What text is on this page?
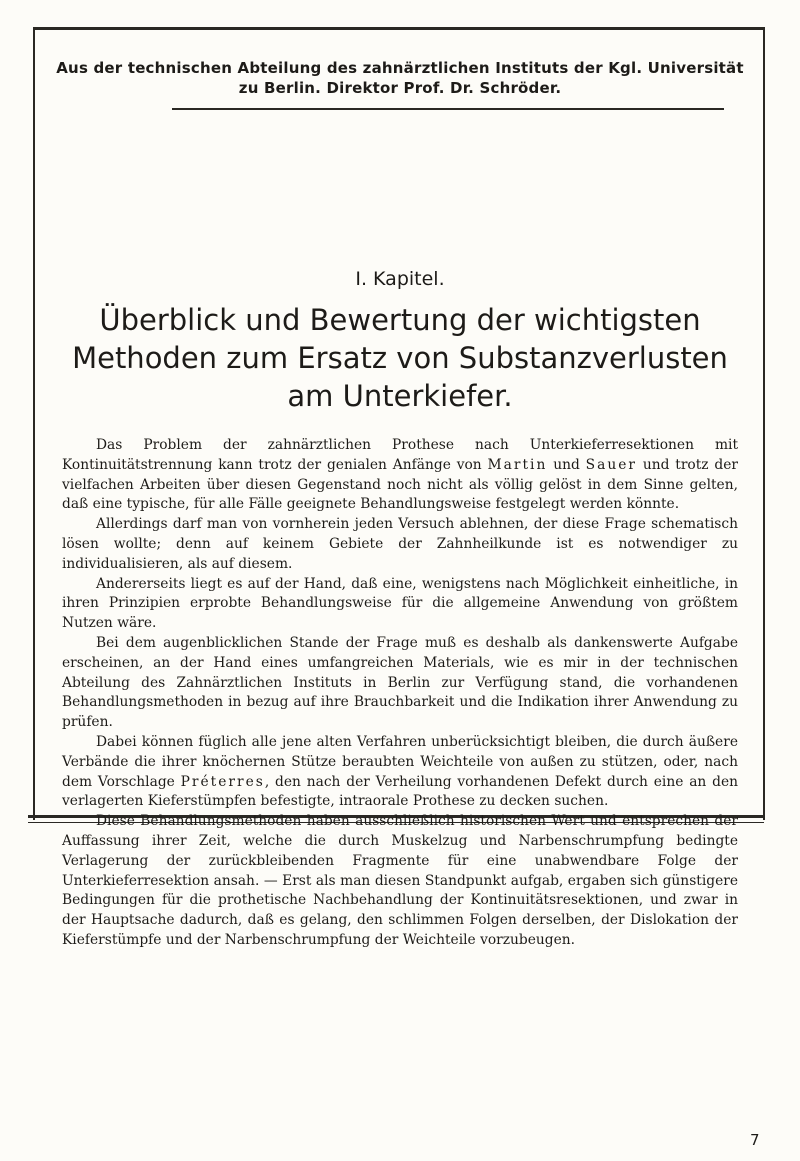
Aus der technischen Abteilung des zahnärztlichen Instituts der Kgl. Universität
zu Berlin. Direktor Prof. Dr. Schröder.
I. Kapitel.
Überblick und Bewertung der wichtigsten
Methoden zum Ersatz von Substanzverlusten
am Unterkiefer.

Das Problem der zahnärztlichen Prothese nach Unterkieferresektionen mit Kontinuitätstrennung kann trotz der genialen Anfänge von Martin und Sauer und trotz der vielfachen Arbeiten über diesen Gegenstand noch nicht als völlig gelöst in dem Sinne gelten, daß eine typische, für alle Fälle geeignete Behandlungsweise festgelegt werden könnte.

Allerdings darf man von vornherein jeden Versuch ablehnen, der diese Frage schematisch lösen wollte; denn auf keinem Gebiete der Zahnheilkunde ist es notwendiger zu individualisieren, als auf diesem.

Andererseits liegt es auf der Hand, daß eine, wenigstens nach Möglichkeit einheitliche, in ihren Prinzipien erprobte Behandlungsweise für die allgemeine Anwendung von größtem Nutzen wäre.

Bei dem augenblicklichen Stande der Frage muß es deshalb als dankenswerte Aufgabe erscheinen, an der Hand eines umfangreichen Materials, wie es mir in der technischen Abteilung des Zahnärztlichen Instituts in Berlin zur Verfügung stand, die vorhandenen Behandlungsmethoden in bezug auf ihre Brauchbarkeit und die Indikation ihrer Anwendung zu prüfen.

Dabei können füglich alle jene alten Verfahren unberücksichtigt bleiben, die durch äußere Verbände die ihrer knöchernen Stütze beraubten Weichteile von außen zu stützen, oder, nach dem Vorschlage Préterres, den nach der Verheilung vorhandenen Defekt durch eine an den verlagerten Kieferstümpfen befestigte, intraorale Prothese zu decken suchen.

Diese Behandlungsmethoden haben ausschließlich historischen Wert und entsprechen der Auffassung ihrer Zeit, welche die durch Muskelzug und Narbenschrumpfung bedingte Verlagerung der zurückbleibenden Fragmente für eine unabwendbare Folge der Unterkieferresektion ansah. — Erst als man diesen Standpunkt aufgab, ergaben sich günstigere Bedingungen für die prothetische Nachbehandlung der Kontinuitätsresektionen, und zwar in der Hauptsache dadurch, daß es gelang, den schlimmen Folgen derselben, der Dislokation der Kieferstümpfe und der Narbenschrumpfung der Weichteile vorzubeugen.

7
